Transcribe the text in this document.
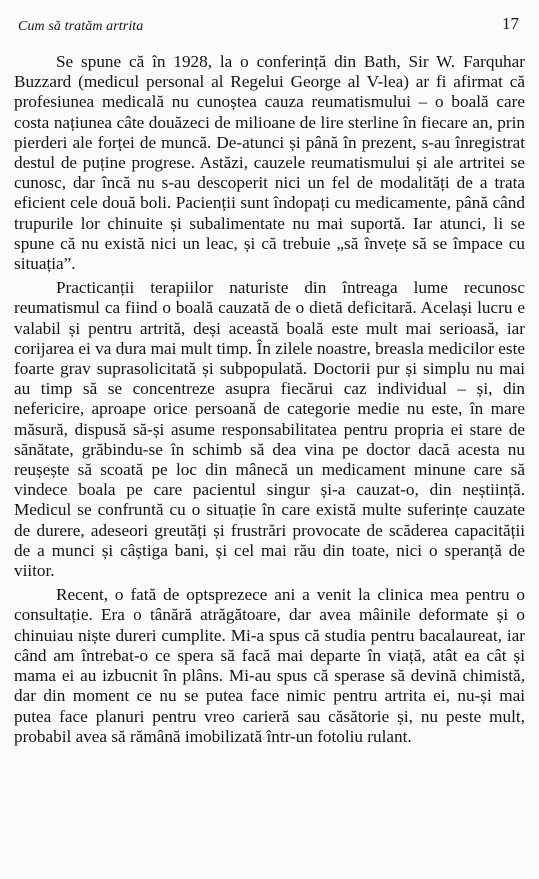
Cum să tratăm artrita	17

Se spune că în 1928, la o conferință din Bath, Sir W. Farquhar Buzzard (medicul personal al Regelui George al V-lea) ar fi afirmat că profesiunea medicală nu cunoștea cauza reumatismului – o boală care costa națiunea câte douăzeci de milioane de lire sterline în fiecare an, prin pierderi ale forței de muncă. De-atunci și până în prezent, s-au înregistrat destul de puține progrese. Astăzi, cauzele reumatismului și ale artritei se cunosc, dar încă nu s-au descoperit nici un fel de modalități de a trata eficient cele două boli. Pacienții sunt îndopați cu medicamente, până când trupurile lor chinuite și subalimentate nu mai suportă. Iar atunci, li se spune că nu există nici un leac, și că trebuie „să învețe să se împace cu situația”.

Practicanții terapiilor naturiste din întreaga lume recunosc reumatismul ca fiind o boală cauzată de o dietă deficitară. Același lucru e valabil și pentru artrită, deși această boală este mult mai serioasă, iar corijarea ei va dura mai mult timp. În zilele noastre, breasla medicilor este foarte grav suprasolicitată și subpopulată. Doctorii pur și simplu nu mai au timp să se concentreze asupra fiecărui caz individual – și, din nefericire, aproape orice persoană de categorie medie nu este, în mare măsură, dispusă să-și asume responsabilitatea pentru propria ei stare de sănătate, grăbindu-se în schimb să dea vina pe doctor dacă acesta nu reușește să scoată pe loc din mânecă un medicament minune care să vindece boala pe care pacientul singur și-a cauzat-o, din neștiință. Medicul se confruntă cu o situație în care există multe suferințe cauzate de durere, adeseori greutăți și frustrări provocate de scăderea capacității de a munci și câștiga bani, și cel mai rău din toate, nici o speranță de viitor.

Recent, o fată de optsprezece ani a venit la clinica mea pentru o consultație. Era o tânără atrăgătoare, dar avea mâinile deformate și o chinuiau niște dureri cumplite. Mi-a spus că studia pentru bacalaureat, iar când am întrebat-o ce spera să facă mai departe în viață, atât ea cât și mama ei au izbucnit în plâns. Mi-au spus că sperase să devină chimistă, dar din moment ce nu se putea face nimic pentru artrita ei, nu-și mai putea face planuri pentru vreo carieră sau căsătorie și, nu peste mult, probabil avea să rămână imobilizată într-un fotoliu rulant.
